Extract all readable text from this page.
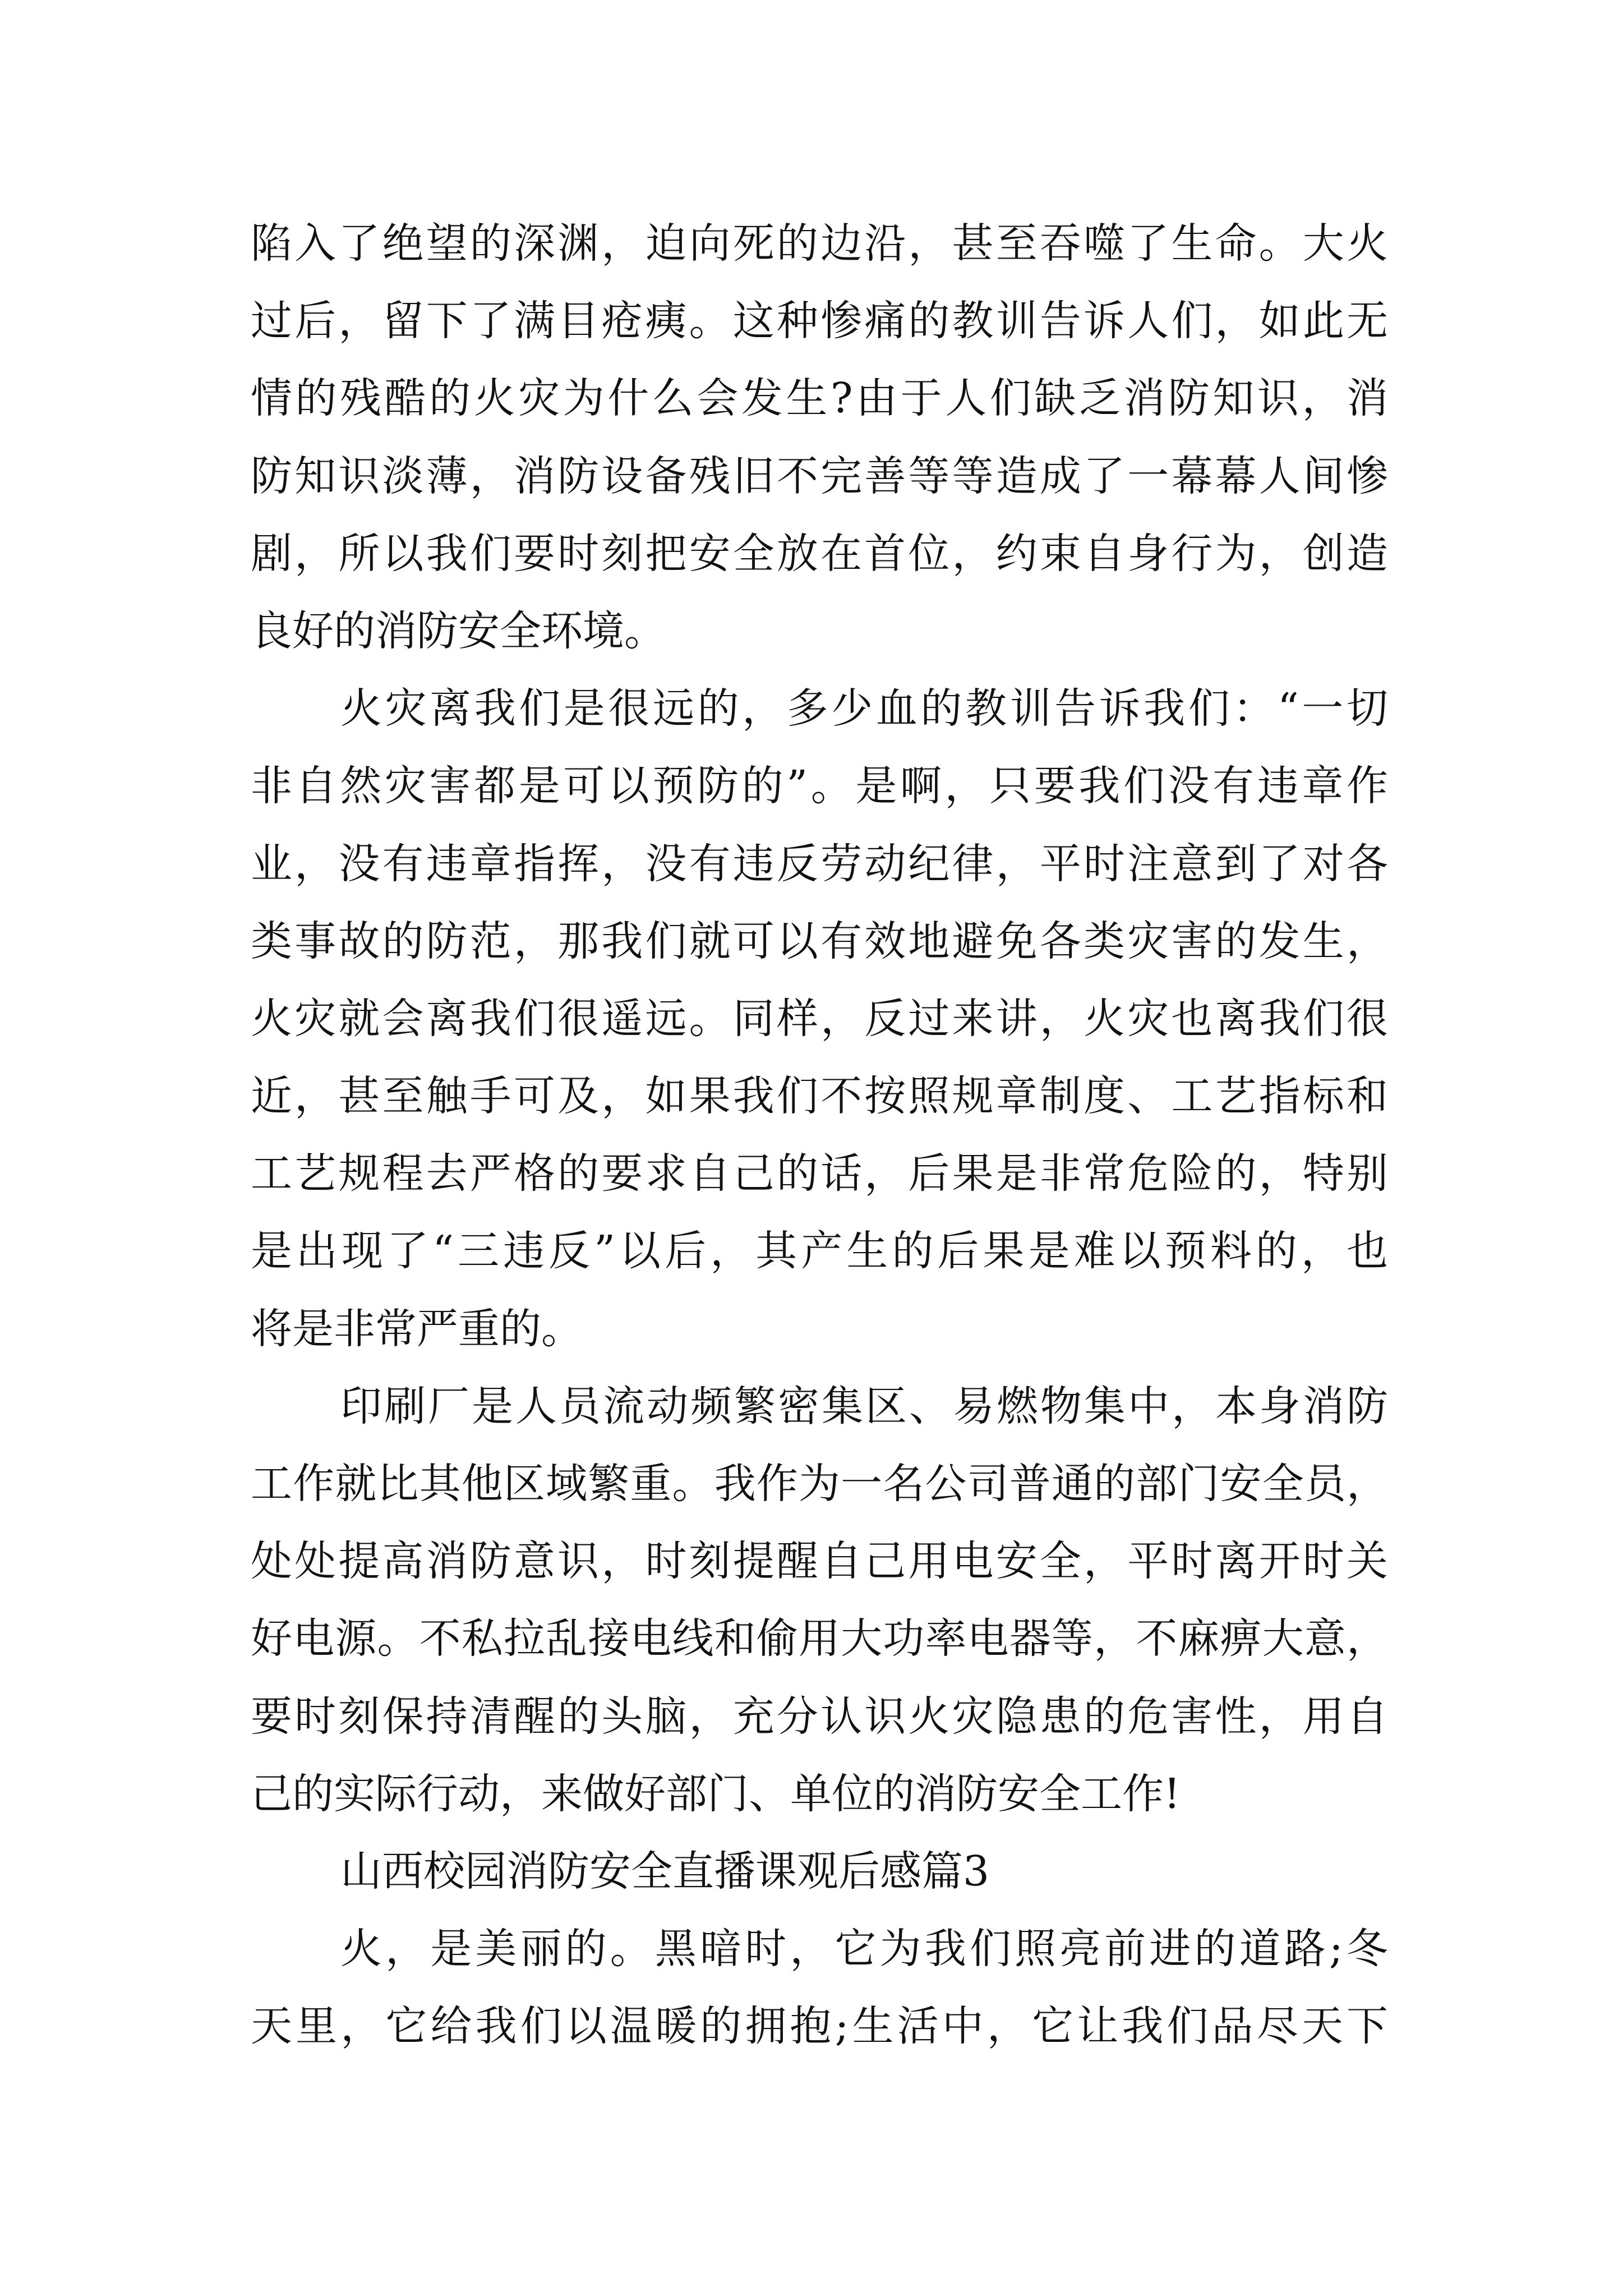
陷入了绝望的深渊，迫向死的边沿，甚至吞噬了生命。大火
过后，留下了满目疮痍。这种惨痛的教训告诉人们，如此无
情的残酷的火灾为什么会发生?由于人们缺乏消防知识，消
防知识淡薄，消防设备残旧不完善等等造成了一幕幕人间惨
剧，所以我们要时刻把安全放在首位，约束自身行为，创造
良好的消防安全环境。
火灾离我们是很远的，多少血的教训告诉我们：“一切
非自然灾害都是可以预防的”。是啊，只要我们没有违章作
业，没有违章指挥，没有违反劳动纪律，平时注意到了对各
类事故的防范，那我们就可以有效地避免各类灾害的发生，
火灾就会离我们很遥远。同样，反过来讲，火灾也离我们很
近，甚至触手可及，如果我们不按照规章制度、工艺指标和
工艺规程去严格的要求自己的话，后果是非常危险的，特别
是出现了“三违反”以后，其产生的后果是难以预料的，也
将是非常严重的。
印刷厂是人员流动频繁密集区、易燃物集中，本身消防
工作就比其他区域繁重。我作为一名公司普通的部门安全员，
处处提高消防意识，时刻提醒自己用电安全，平时离开时关
好电源。不私拉乱接电线和偷用大功率电器等，不麻痹大意，
要时刻保持清醒的头脑，充分认识火灾隐患的危害性，用自
己的实际行动，来做好部门、单位的消防安全工作!
山西校园消防安全直播课观后感篇3
火，是美丽的。黑暗时，它为我们照亮前进的道路;冬
天里，它给我们以温暖的拥抱;生活中，它让我们品尽天下
